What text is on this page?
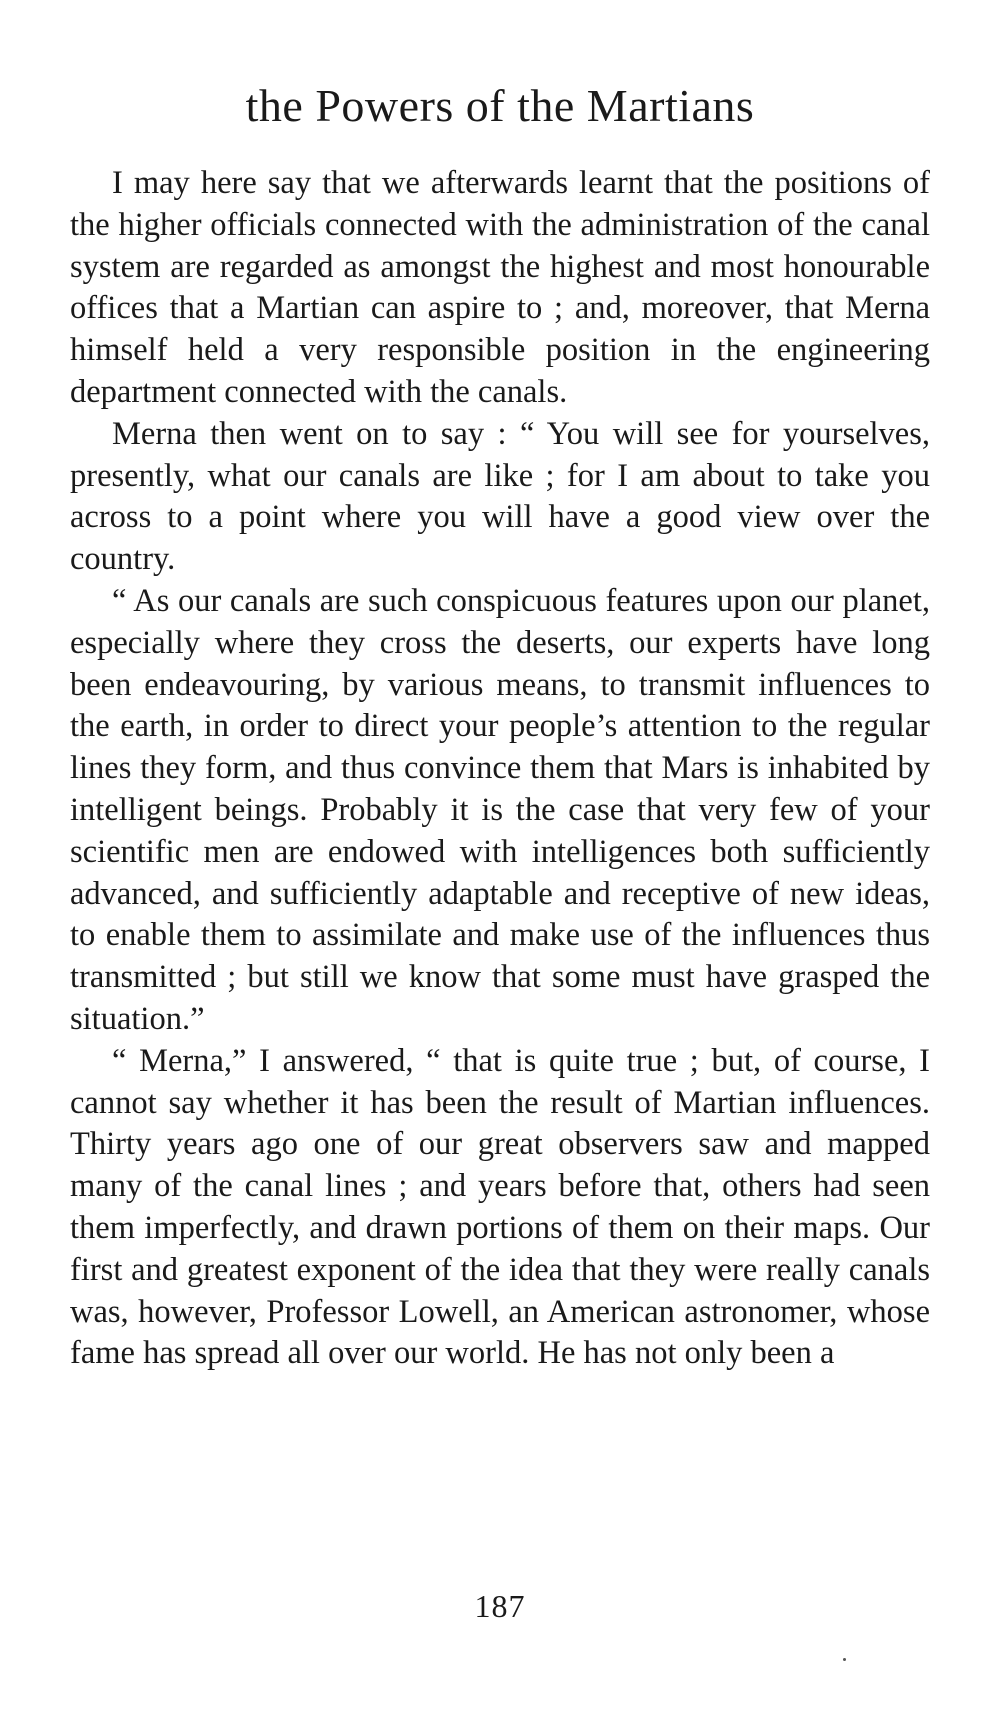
the Powers of the Martians

I may here say that we afterwards learnt that the positions of the higher officials connected with the administration of the canal system are regarded as amongst the highest and most honourable offices that a Martian can aspire to ; and, moreover, that Merna himself held a very responsible position in the engineering department connected with the canals.

Merna then went on to say : “ You will see for yourselves, presently, what our canals are like ; for I am about to take you across to a point where you will have a good view over the country.

“ As our canals are such conspicuous features upon our planet, especially where they cross the deserts, our experts have long been endeavouring, by various means, to transmit influences to the earth, in order to direct your people’s attention to the regular lines they form, and thus convince them that Mars is inhabited by intelligent beings. Probably it is the case that very few of your scientific men are endowed with intelligences both sufficiently advanced, and sufficiently adaptable and receptive of new ideas, to enable them to assimilate and make use of the influences thus transmitted ; but still we know that some must have grasped the situation.”

“ Merna,” I answered, “ that is quite true ; but, of course, I cannot say whether it has been the result of Martian influences. Thirty years ago one of our great observers saw and mapped many of the canal lines ; and years before that, others had seen them imperfectly, and drawn portions of them on their maps. Our first and greatest exponent of the idea that they were really canals was, however, Professor Lowell, an American astronomer, whose fame has spread all over our world. He has not only been a

187
